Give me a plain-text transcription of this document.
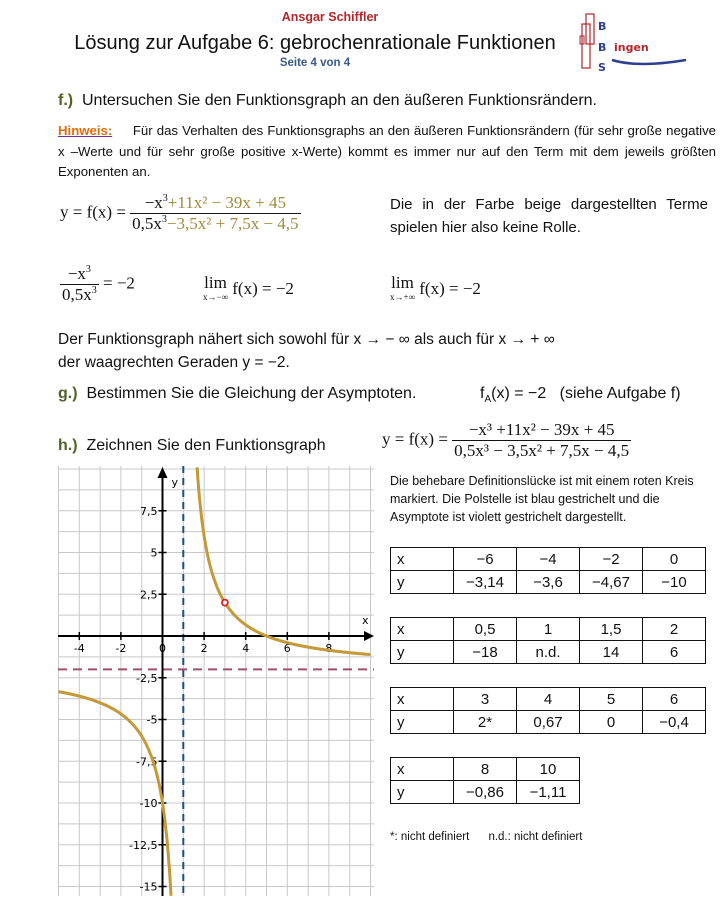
Ansgar Schiffler
Lösung zur Aufgabe 6: gebrochenrationale Funktionen
Seite 4 von 4
B
B
S
ingen
f.) Untersuchen Sie den Funktionsgraph an den äußeren Funktionsrändern.
Hinweis: Für das Verhalten des Funktionsgraphs an den äußeren Funktionsrändern (für sehr große negative x –Werte und für sehr große positive x-Werte) kommt es immer nur auf den Term mit dem jeweils größten Exponenten an.
$y = f(x) = \frac{-x^3+11x^2 - 39x + 45}{0,5x^3-3,5x^2 + 7,5x - 4,5}$	Die in der Farbe beige dargestellten Terme spielen hier also keine Rolle.
$\frac{-x^3}{0,5x^3} = -2$	lim
x→−∞ f(x) = −2	lim
x→+∞ f(x) = −2
Der Funktionsgraph nähert sich sowohl für x → − ∞ als auch für x → + ∞
der waagrechten Geraden y = −2.
g.) Bestimmen Sie die Gleichung der Asymptoten.	$f_A(x) = -2$ (siehe Aufgabe f)
h.) Zeichnen Sie den Funktionsgraph	$y = f(x) = \frac{\text{−x³ +11x² − 39x + 45}}{\text{0,5x³ − 3,5x² + 7,5x − 4,5}}$
Die behebare Definitionslücke ist mit einem roten Kreis markiert. Die Polstelle ist blau gestrichelt und die Asymptote ist violett gestrichelt dargestellt.
x	−6	−4	−2	0
y	−3,14	−3,6	−4,67	−10
x	0,5	1	1,5	2
y	−18	n.d.	14	6
x	3	4	5	6
y	2*	0,67	0	−0,4
x	8	10
y	−0,86	−1,11
*: nicht definiert n.d.: nicht definiert
x
y
-4	-2	0	2	4	6	8
7,5
5
2,5
-2,5
-5
-7,5
-10
-12,5
-15
